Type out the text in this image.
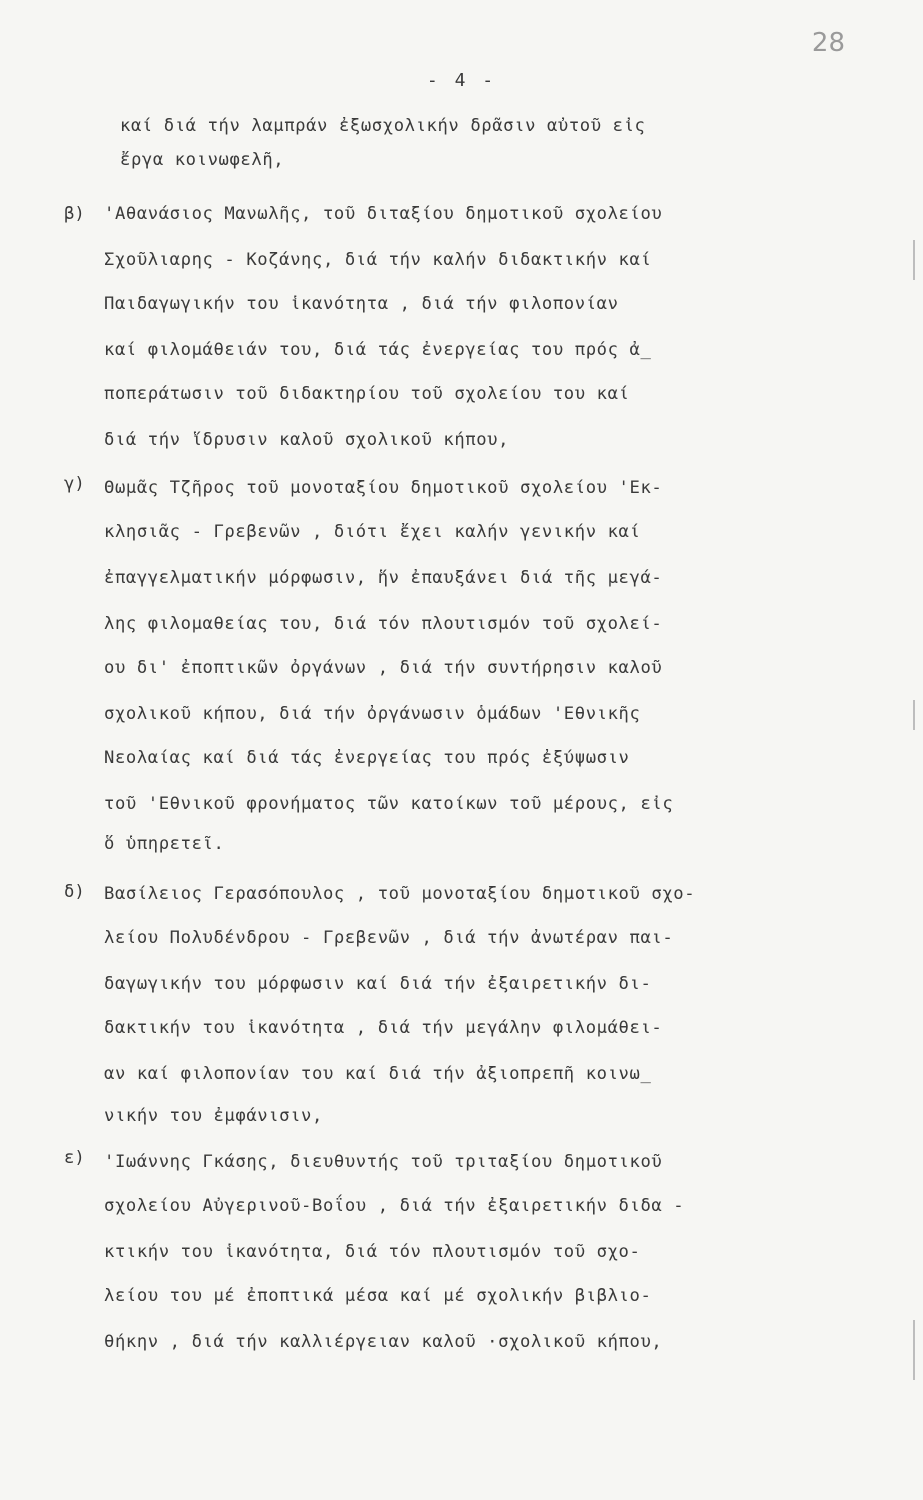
28
- 4 -
καί διά τήν λαμπράν ἐξωσχολικήν δρᾶσιν αὐτοῦ εἰς
ἔργα κοινωφελῆ,
β) 'Αθανάσιος Μανωλῆς, τοῦ διταξίου δημοτικοῦ σχολείου
Σχοῦλιαρης - Κοζάνης, διά τήν καλήν διδακτικήν καί
Παιδαγωγικήν του ἱκανότητα , διά τήν φιλοπονίαν
καί φιλομάθειάν του, διά τάς ἐνεργείας του πρός ἀ_
ποπεράτωσιν τοῦ διδακτηρίου τοῦ σχολείου του καί
διά τήν ἵδρυσιν καλοῦ σχολικοῦ κήπου,
γ) Θωμᾶς Τζῆρος τοῦ μονοταξίου δημοτικοῦ σχολείου 'Εκ-
κλησιᾶς - Γρεβενῶν , διότι ἔχει καλήν γενικήν καί
ἐπαγγελματικήν μόρφωσιν, ἥν ἐπαυξάνει διά τῆς μεγά-
λης φιλομαθείας του, διά τόν πλουτισμόν τοῦ σχολεί-
ου δι' ἐποπτικῶν ὀργάνων , διά τήν συντήρησιν καλοῦ
σχολικοῦ κήπου, διά τήν ὀργάνωσιν ὁμάδων 'Εθνικῆς
Νεολαίας καί διά τάς ἐνεργείας του πρός ἐξύψωσιν
τοῦ 'Εθνικοῦ φρονήματος τῶν κατοίκων τοῦ μέρους, εἰς
ὅ ὑπηρετεῖ.
δ) Βασίλειος Γερασόπουλος , τοῦ μονοταξίου δημοτικοῦ σχο-
λείου Πολυδένδρου - Γρεβενῶν , διά τήν ἀνωτέραν παι-
δαγωγικήν του μόρφωσιν καί διά τήν ἐξαιρετικήν δι-
δακτικήν του ἱκανότητα , διά τήν μεγάλην φιλομάθει-
αν καί φιλοπονίαν του καί διά τήν ἀξιοπρεπῆ κοινω_
νικήν του ἐμφάνισιν,
ε) 'Ιωάννης Γκάσης, διευθυντής τοῦ τριταξίου δημοτικοῦ
σχολείου Αὐγερινοῦ-Βοΐου , διά τήν ἐξαιρετικήν διδα -
κτικήν του ἱκανότητα, διά τόν πλουτισμόν τοῦ σχο-
λείου του μέ ἐποπτικά μέσα καί μέ σχολικήν βιβλιο-
θήκην , διά τήν καλλιέργειαν καλοῦ ·σχολικοῦ κήπου,
